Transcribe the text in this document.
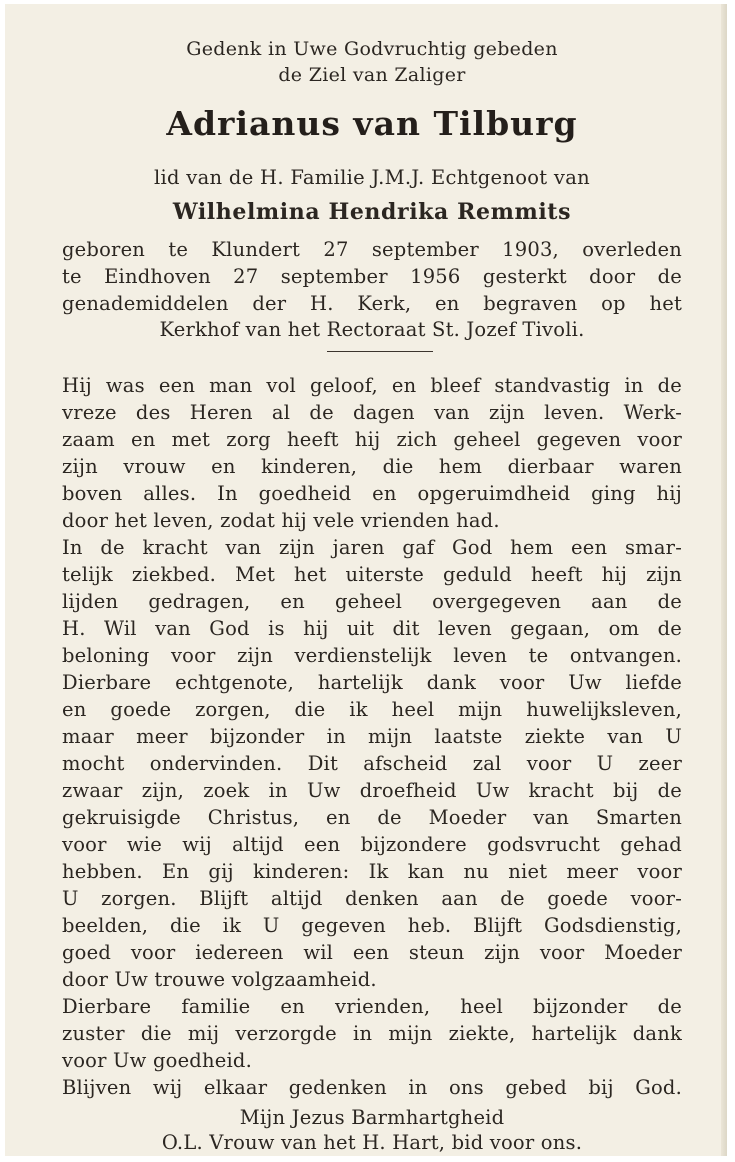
Gedenk in Uwe Godvruchtig gebeden

de Ziel van Zaliger

Adrianus van Tilburg

lid van de H. Familie J.M.J. Echtgenoot van

Wilhelmina Hendrika Remmits

geboren te Klundert 27 september 1903, overleden

te Eindhoven 27 september 1956 gesterkt door de

genademiddelen der H. Kerk, en begraven op het

Kerkhof van het Rectoraat St. Jozef Tivoli.

Hij was een man vol geloof, en bleef standvastig in de

vreze des Heren al de dagen van zijn leven. Werk-

zaam en met zorg heeft hij zich geheel gegeven voor

zijn vrouw en kinderen, die hem dierbaar waren

boven alles. In goedheid en opgeruimdheid ging hij

door het leven, zodat hij vele vrienden had.

In de kracht van zijn jaren gaf God hem een smar-

telijk ziekbed. Met het uiterste geduld heeft hij zijn

lijden gedragen, en geheel overgegeven aan de

H. Wil van God is hij uit dit leven gegaan, om de

beloning voor zijn verdienstelijk leven te ontvangen.

Dierbare echtgenote, hartelijk dank voor Uw liefde

en goede zorgen, die ik heel mijn huwelijksleven,

maar meer bijzonder in mijn laatste ziekte van U

mocht ondervinden. Dit afscheid zal voor U zeer

zwaar zijn, zoek in Uw droefheid Uw kracht bij de

gekruisigde Christus, en de Moeder van Smarten

voor wie wij altijd een bijzondere godsvrucht gehad

hebben. En gij kinderen: Ik kan nu niet meer voor

U zorgen. Blijft altijd denken aan de goede voor-

beelden, die ik U gegeven heb. Blijft Godsdienstig,

goed voor iedereen wil een steun zijn voor Moeder

door Uw trouwe volgzaamheid.

Dierbare familie en vrienden, heel bijzonder de

zuster die mij verzorgde in mijn ziekte, hartelijk dank

voor Uw goedheid.

Blijven wij elkaar gedenken in ons gebed bij God.

Mijn Jezus Barmhartgheid

O.L. Vrouw van het H. Hart, bid voor ons.
